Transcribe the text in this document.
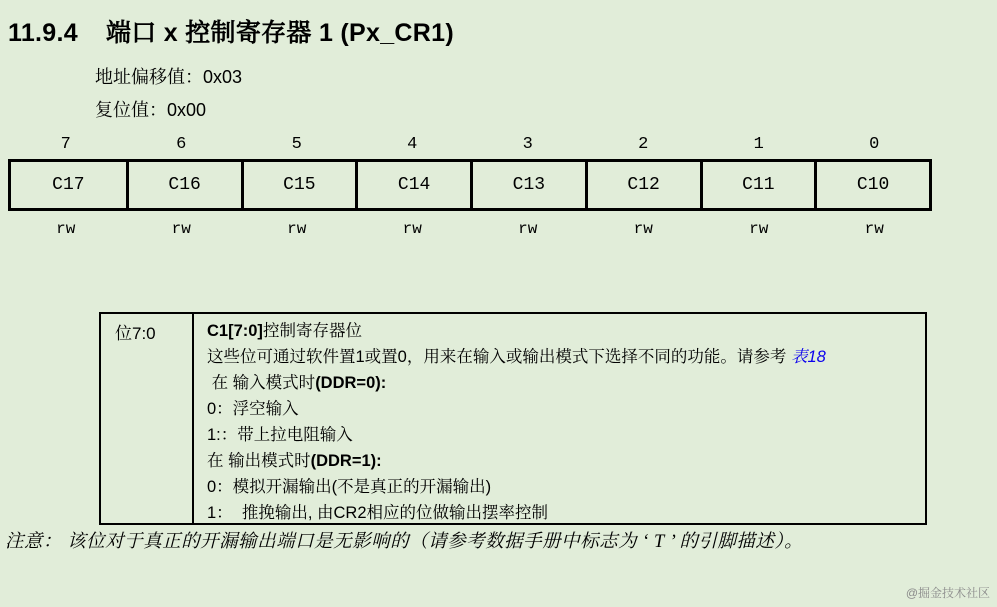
11.9.4 端口 x 控制寄存器 1 (Px_CR1)
地址偏移值：0x03
复位值：0x00
7	6	5	4	3	2	1	0
C17	C16	C15	C14	C13	C12	C11	C10
rw	rw	rw	rw	rw	rw	rw	rw
位7:0	C1[7:0]控制寄存器位
这些位可通过软件置1或置0，用来在输入或输出模式下选择不同的功能。请参考 表18
在 输入模式时(DDR=0):
0：浮空输入
1:：带上拉电阻输入
在 输出模式时(DDR=1):
0：模拟开漏输出(不是真正的开漏输出)
1：  推挽输出, 由CR2相应的位做输出摆率控制
注意： 该位对于真正的开漏输出端口是无影响的（请参考数据手册中标志为 ‘ T ’ 的引脚描述）。
@掘金技术社区
